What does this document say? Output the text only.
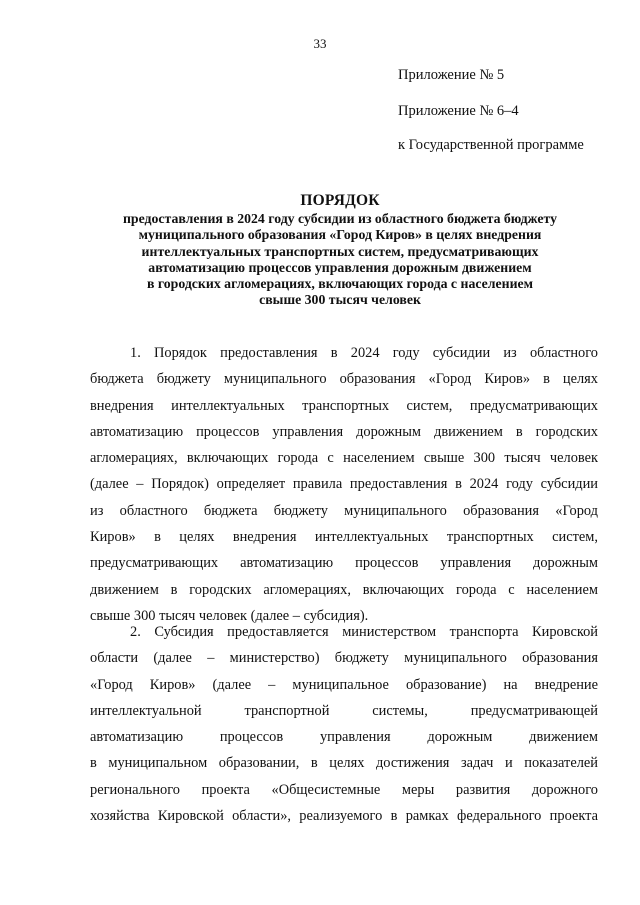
33
Приложение № 5
Приложение № 6–4
к Государственной программе
ПОРЯДОК
предоставления в 2024 году субсидии из областного бюджета бюджету
муниципального образования «Город Киров» в целях внедрения
интеллектуальных транспортных систем, предусматривающих
автоматизацию процессов управления дорожным движением
в городских агломерациях, включающих города с населением
свыше 300 тысяч человек
1. Порядок предоставления в 2024 году субсидии из областного
бюджета бюджету муниципального образования «Город Киров» в целях
внедрения интеллектуальных транспортных систем, предусматривающих
автоматизацию процессов управления дорожным движением в городских
агломерациях, включающих города с населением свыше 300 тысяч человек
(далее – Порядок) определяет правила предоставления в 2024 году субсидии
из областного бюджета бюджету муниципального образования «Город
Киров» в целях внедрения интеллектуальных транспортных систем,
предусматривающих автоматизацию процессов управления дорожным
движением в городских агломерациях, включающих города с населением
свыше 300 тысяч человек (далее – субсидия).
2. Субсидия предоставляется министерством транспорта Кировской
области (далее – министерство) бюджету муниципального образования
«Город Киров» (далее – муниципальное образование) на внедрение
интеллектуальной транспортной системы, предусматривающей
автоматизацию процессов управления дорожным движением
в муниципальном образовании, в целях достижения задач и показателей
регионального проекта «Общесистемные меры развития дорожного
хозяйства Кировской области», реализуемого в рамках федерального проекта
